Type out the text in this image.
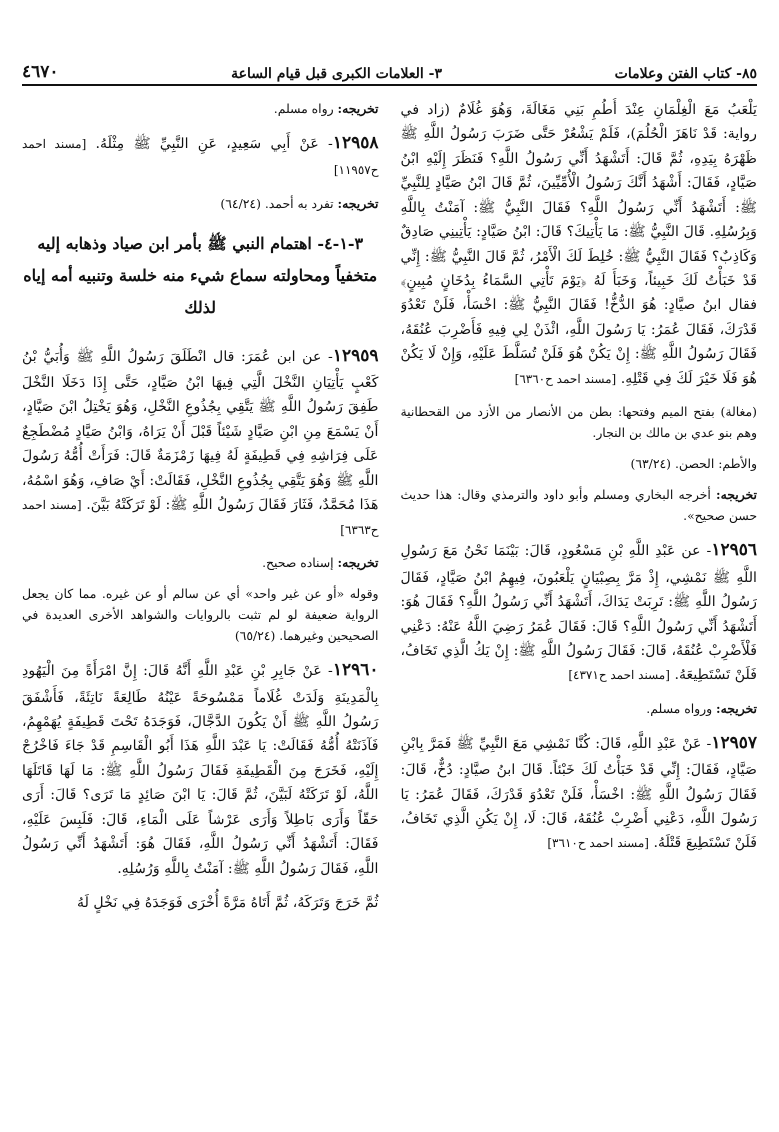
٨٥- كتاب الفتن وعلامات
٣- العلامات الكبرى قبل قيام الساعة
٤٦٧٠

يَلْعَبُ مَعَ الْغِلْمَانِ عِنْدَ أُطُمِ بَنِي مَغَالَةَ، وَهُوَ غُلَامٌ (زاد في رواية: قَدْ نَاهَزَ الْحُلُمَ)، فَلَمْ يَشْعُرْ حَتَّى ضَرَبَ رَسُولُ اللَّهِ ﷺ ظَهْرَهُ بِيَدِهِ، ثُمَّ قَالَ: أَتَشْهَدُ أَنِّي رَسُولُ اللَّهِ؟ فَنَظَرَ إِلَيْهِ ابْنُ صَيَّادٍ، فَقَالَ: أَشْهَدُ أَنَّكَ رَسُولُ الْأُمِّيِّينَ، ثُمَّ قَالَ ابْنُ صَيَّادٍ لِلنَّبِيِّ ﷺ: أَتَشْهَدُ أَنِّي رَسُولُ اللَّهِ؟ فَقَالَ النَّبِيُّ ﷺ: آمَنْتُ بِاللَّهِ وَبِرُسُلِهِ. قَالَ النَّبِيُّ ﷺ: مَا يَأْتِيكَ؟ قَالَ: ابْنُ صَيَّادٍ: يَأْتِينِي صَادِقٌ وَكَاذِبٌ؟ فَقَالَ النَّبِيُّ ﷺ: خُلِطَ لَكَ الْأَمْرُ، ثُمَّ قَالَ النَّبِيُّ ﷺ: إِنِّي قَدْ خَبَأْتُ لَكَ خَبِيئاً، وَخَبَأَ لَهُ ﴿يَوْمَ تَأْتِي السَّمَاءُ بِدُخَانٍ مُبِينٍ﴾ فقال ابنُ صيَّادٍ: هُوَ الدُّخُّ! فَقَالَ النَّبِيُّ ﷺ: اخْسَأْ، فَلَنْ تَعْدُوَ قَدْرَكَ، فَقَالَ عُمَرُ: يَا رَسُولَ اللَّهِ، ائْذَنْ لِي فِيهِ فَأَضْرِبَ عُنُقَهُ، فَقَالَ رَسُولُ اللَّهِ ﷺ: إِنْ يَكُنْ هُوَ فَلَنْ تُسَلَّطَ عَلَيْهِ، وَإِنْ لَا يَكُنْ هُوَ فَلَا خَيْرَ لَكَ فِي قَتْلِهِ. [مسند احمد ح٦٣٦٠]

(مغالة) بفتح الميم وفتحها: بطن من الأنصار من الأزد من القحطانية وهم بنو عدي بن مالك بن النجار.

والأطم: الحصن. (٦٣/٢٤)

تخريجه: أخرجه البخاري ومسلم وأبو داود والترمذي وقال: هذا حديث حسن صحيح».

١٢٩٥٦- عن عَبْدِ اللَّهِ بْنِ مَسْعُودٍ، قَالَ: بَيْنَمَا نَحْنُ مَعَ رَسُولِ اللَّهِ ﷺ نَمْشِي، إِذْ مَرَّ بِصِبْيَانٍ يَلْعَبُونَ، فِيهِمُ ابْنُ صَيَّادٍ، فَقَالَ رَسُولُ اللَّهِ ﷺ: تَرِبَتْ يَدَاكَ، أَتَشْهَدُ أَنِّي رَسُولُ اللَّهِ؟ فَقَالَ هُوَ: أَتَشْهَدُ أَنِّي رَسُولُ اللَّهِ؟ قَالَ: فَقَالَ عُمَرُ رَضِيَ اللَّهُ عَنْهُ: دَعْنِي فَلْأَضْرِبْ عُنُقَهُ، قَالَ: فَقَالَ رَسُولُ اللَّهِ ﷺ: إِنْ يَكُ الَّذِي تَخَافُ، فَلَنْ تَسْتَطِيعَهُ. [مسند احمد ح٤٣٧١]

تخريجه: ورواه مسلم.

١٢٩٥٧- عَنْ عَبْدِ اللَّهِ، قَالَ: كُنَّا نَمْشِي مَعَ النَّبِيِّ ﷺ فَمَرَّ بِابْنِ صَيَّادٍ، فَقَالَ: إِنِّي قَدْ خَبَأْتُ لَكَ خَبْئاً. قَالَ ابنُ صيَّادٍ: دُخٌّ، قَالَ: فَقَالَ رَسُولُ اللَّهِ ﷺ: اخْسَأْ، فَلَنْ تَعْدُوَ قَدْرَكَ، فَقَالَ عُمَرُ: يَا رَسُولَ اللَّهِ، دَعْنِي أَضْرِبْ عُنُقَهُ، قَالَ: لَا، إِنْ يَكُنِ الَّذِي تَخَافُ، فَلَنْ تَسْتَطِيعَ قَتْلَهُ. [مسند احمد ح٣٦١٠]

تخريجه: رواه مسلم.

١٢٩٥٨- عَنْ أَبِي سَعِيدٍ، عَنِ النَّبِيِّ ﷺ مِثْلَهُ. [مسند احمد ح١١٩٥٧]

تخريجه: تفرد به أحمد. (٦٤/٢٤)

٣-١-٤- اهتمام النبي ﷺ بأمر ابن صياد وذهابه إليه متخفياً ومحاولته سماع شيء منه خلسة وتنبيه أمه إياه لذلك

١٢٩٥٩- عن ابن عُمَرَ: قال انْطَلَقَ رَسُولُ اللَّهِ ﷺ وَأُبَيُّ بْنُ كَعْبٍ يَأْتِيَانِ النَّخْلَ الَّتِي فِيهَا ابْنُ صَيَّادٍ، حَتَّى إِذَا دَخَلَا النَّخْلَ طَفِقَ رَسُولُ اللَّهِ ﷺ يَتَّقِي بِجُذُوعِ النَّخْلِ، وَهُوَ يَخْتِلُ ابْنَ صَيَّادٍ، أَنْ يَسْمَعَ مِنِ ابْنِ صَيَّادٍ شَيْئاً قَبْلَ أَنْ يَرَاهُ، وَابْنُ صَيَّادٍ مُضْطَجِعٌ عَلَى فِرَاشِهِ فِي قَطِيفَةٍ لَهُ فِيهَا زَمْزَمَةٌ قَالَ: فَرَأَتْ أُمُّهُ رَسُولَ اللَّهِ ﷺ وَهُوَ يَتَّقِي بِجُذُوعِ النَّخْلِ، فَقَالَتْ: أَيْ صَافِ، وَهُوَ اسْمُهُ، هَذَا مُحَمَّدٌ، فَثَارَ فَقَالَ رَسُولُ اللَّهِ ﷺ: لَوْ تَرَكَتْهُ بَيَّنَ. [مسند احمد ح٦٣٦٣]

تخريجه: إسناده صحيح.

وقوله «أو عن غير واحد» أي عن سالم أو عن غيره. مما كان يجعل الرواية ضعيفة لو لم تثبت بالروايات والشواهد الأخرى العديدة في الصحيحين وغيرهما. (٦٥/٢٤)

١٢٩٦٠- عَنْ جَابِرِ بْنِ عَبْدِ اللَّهِ أَنَّهُ قَالَ: إِنَّ امْرَأَةً مِنَ الْيَهُودِ بِالْمَدِينَةِ وَلَدَتْ غُلَاماً مَمْسُوحَةً عَيْنُهُ طَالِعَةً نَاتِئَةً، فَأَشْفَقَ رَسُولُ اللَّهِ ﷺ أَنْ يَكُونَ الدَّجَّالَ، فَوَجَدَهُ تَحْتَ قَطِيفَةٍ يُهَمْهِمُ، فَآذَنَتْهُ أُمُّهُ فَقَالَتْ: يَا عَبْدَ اللَّهِ هَذَا أَبُو الْقَاسِمِ قَدْ جَاءَ فَاخْرُجْ إِلَيْهِ، فَخَرَجَ مِنَ الْقَطِيفَةِ فَقَالَ رَسُولُ اللَّهِ ﷺ: مَا لَهَا قَاتَلَهَا اللَّهُ، لَوْ تَرَكَتْهُ لَبَيَّنَ، ثُمَّ قَالَ: يَا ابْنَ صَائِدٍ مَا تَرَى؟ قَالَ: أَرَى حَقّاً وَأَرَى بَاطِلاً وَأَرَى عَرْشاً عَلَى الْمَاءِ، قَالَ: فَلَبِسَ عَلَيْهِ، فَقَالَ: أَتَشْهَدُ أَنِّي رَسُولُ اللَّهِ، فَقَالَ هُوَ: أَتَشْهَدُ أَنِّي رَسُولُ اللَّهِ، فَقَالَ رَسُولُ اللَّهِ ﷺ: آمَنْتُ بِاللَّهِ وَرُسُلِهِ.

ثُمَّ خَرَجَ وَتَرَكَهُ، ثُمَّ أَتَاهُ مَرَّةً أُخْرَى فَوَجَدَهُ فِي نَخْلٍ لَهُ
